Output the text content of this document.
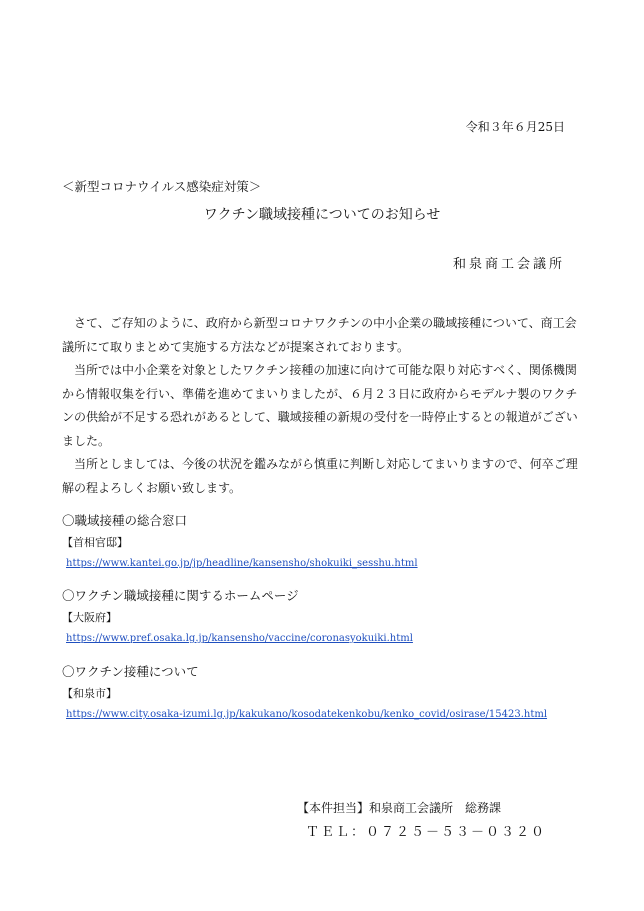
令和３年６月25日
＜新型コロナウイルス感染症対策＞
ワクチン職域接種についてのお知らせ
和泉商工会議所

さて、ご存知のように、政府から新型コロナワクチンの中小企業の職域接種について、商工会議所にて取りまとめて実施する方法などが提案されております。

当所では中小企業を対象としたワクチン接種の加速に向けて可能な限り対応すべく、関係機関から情報収集を行い、準備を進めてまいりましたが、６月２３日に政府からモデルナ製のワクチンの供給が不足する恐れがあるとして、職域接種の新規の受付を一時停止するとの報道がございました。

当所としましては、今後の状況を鑑みながら慎重に判断し対応してまいりますので、何卒ご理解の程よろしくお願い致します。

〇職域接種の総合窓口
【首相官邸】
https://www.kantei.go.jp/jp/headline/kansensho/shokuiki_sesshu.html
〇ワクチン職域接種に関するホームページ
【大阪府】
https://www.pref.osaka.lg.jp/kansensho/vaccine/coronasyokuiki.html
〇ワクチン接種について
【和泉市】
https://www.city.osaka-izumi.lg.jp/kakukano/kosodatekenkobu/kenko_covid/osirase/15423.html
【本件担当】和泉商工会議所　総務課
ＴＥＬ：０７２５－５３－０３２０
